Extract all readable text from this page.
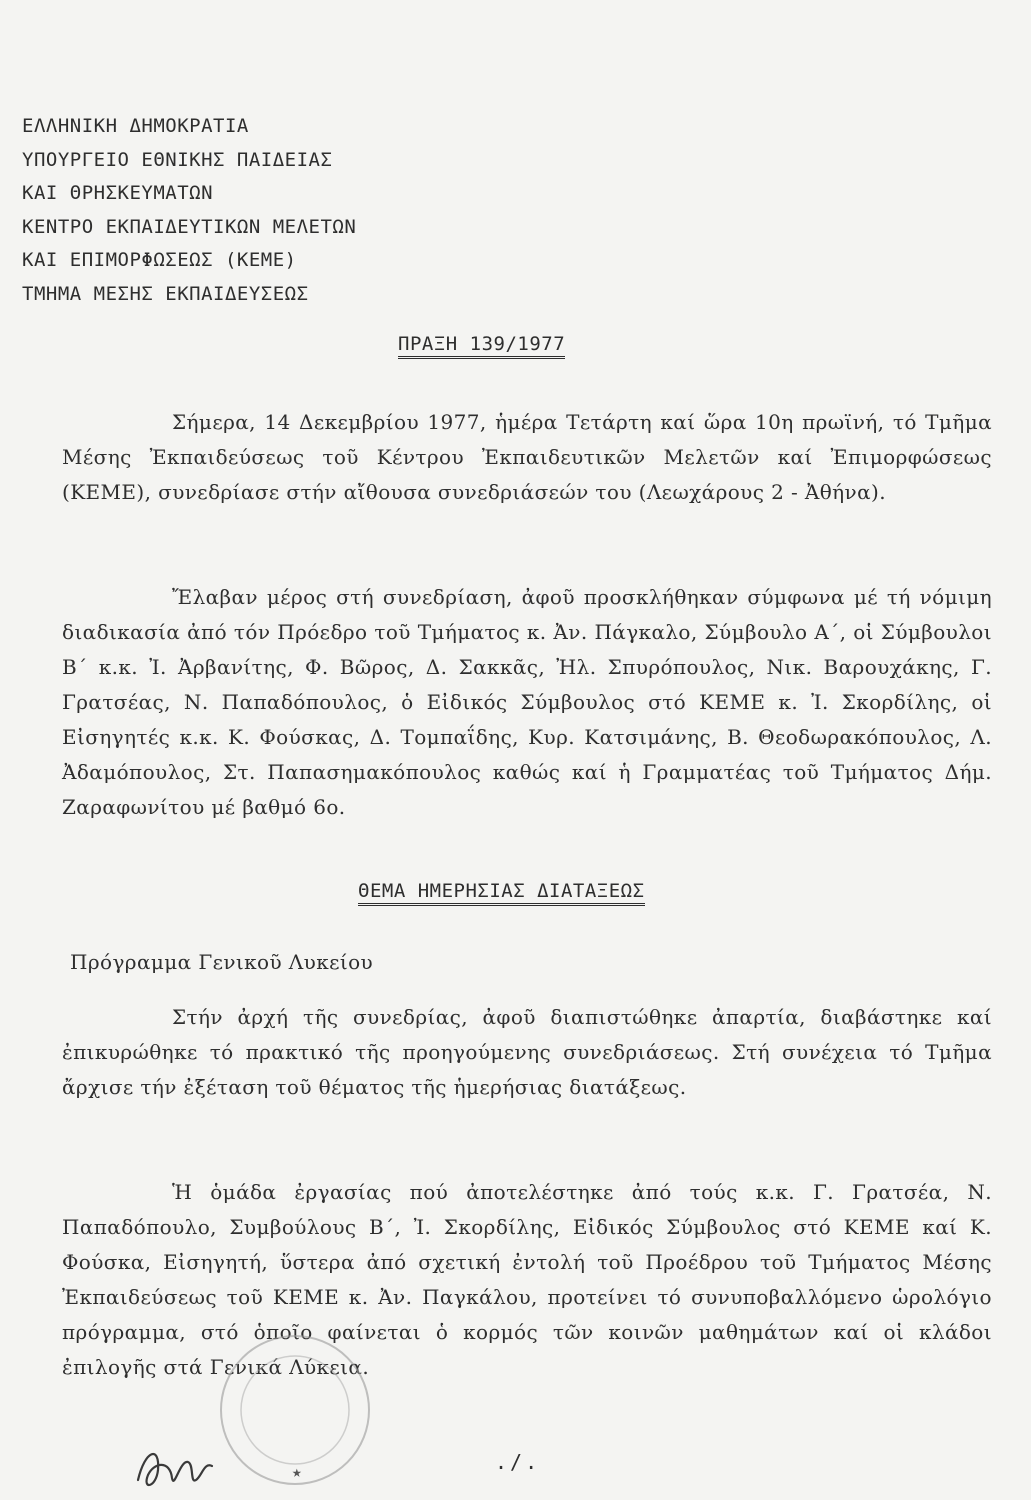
ΕΛΛΗΝΙΚΗ ΔΗΜΟΚΡΑΤΙΑ
ΥΠΟΥΡΓΕΙΟ ΕΘΝΙΚΗΣ ΠΑΙΔΕΙΑΣ
ΚΑΙ ΘΡΗΣΚΕΥΜΑΤΩΝ
ΚΕΝΤΡΟ ΕΚΠΑΙΔΕΥΤΙΚΩΝ ΜΕΛΕΤΩΝ
ΚΑΙ ΕΠΙΜΟΡΦΩΣΕΩΣ (ΚΕΜΕ)
ΤΜΗΜΑ ΜΕΣΗΣ ΕΚΠΑΙΔΕΥΣΕΩΣ
ΠΡΑΞΗ 139/1977
Σήμερα, 14 Δεκεμβρίου 1977, ἡμέρα Τετάρτη καί ὥρα 10η πρωϊνή, τό Τμῆμα Μέσης Ἐκπαιδεύσεως τοῦ Κέντρου Ἐκπαιδευτικῶν Μελετῶν καί Ἐπιμορφώσεως (ΚΕΜΕ), συνεδρίασε στήν αἴθουσα συνεδριάσεών του (Λεωχάρους 2 - Ἀθήνα).
Ἔλαβαν μέρος στή συνεδρίαση, ἀφοῦ προσκλήθηκαν σύμφωνα μέ τή νόμιμη διαδικασία ἀπό τόν Πρόεδρο τοῦ Τμήματος κ. Ἀν. Πάγκαλο, Σύμβουλο Α΄, οἱ Σύμβουλοι Β΄ κ.κ. Ἰ. Ἀρβανίτης, Φ. Βῶρος, Δ. Σακκᾶς, Ἠλ. Σπυρόπουλος, Νικ. Βαρουχάκης, Γ. Γρατσέας, Ν. Παπαδόπουλος, ὁ Εἰδικός Σύμβουλος στό ΚΕΜΕ κ. Ἰ. Σκορδίλης, οἱ Εἰσηγητές κ.κ. Κ. Φούσκας, Δ. Τομπαΐδης, Κυρ. Κατσιμάνης, Β. Θεοδωρακόπουλος, Λ. Ἀδαμόπουλος, Στ. Παπασημακόπουλος καθώς καί ἡ Γραμματέας τοῦ Τμήματος Δήμ. Ζαραφωνίτου μέ βαθμό 6ο.
ΘΕΜΑ ΗΜΕΡΗΣΙΑΣ ΔΙΑΤΑΞΕΩΣ
Πρόγραμμα Γενικοῦ Λυκείου
Στήν ἀρχή τῆς συνεδρίας, ἀφοῦ διαπιστώθηκε ἀπαρτία, διαβάστηκε καί ἐπικυρώθηκε τό πρακτικό τῆς προηγούμενης συνεδριάσεως. Στή συνέχεια τό Τμῆμα ἄρχισε τήν ἐξέταση τοῦ θέματος τῆς ἡμερήσιας διατάξεως.
Ἡ ὁμάδα ἐργασίας πού ἀποτελέστηκε ἀπό τούς κ.κ. Γ. Γρατσέα, Ν. Παπαδόπουλο, Συμβούλους Β΄, Ἰ. Σκορδίλης, Εἰδικός Σύμβουλος στό ΚΕΜΕ καί Κ. Φούσκα, Εἰσηγητή, ὕστερα ἀπό σχετική ἐντολή τοῦ Προέδρου τοῦ Τμήματος Μέσης Ἐκπαιδεύσεως τοῦ ΚΕΜΕ κ. Ἀν. Παγκάλου, προτείνει τό συνυποβαλλόμενο ὡρολόγιο πρόγραμμα, στό ὁποῖο φαίνεται ὁ κορμός τῶν κοινῶν μαθημάτων καί οἱ κλάδοι ἐπιλογῆς στά Γενικά Λύκεια.
★	./.
